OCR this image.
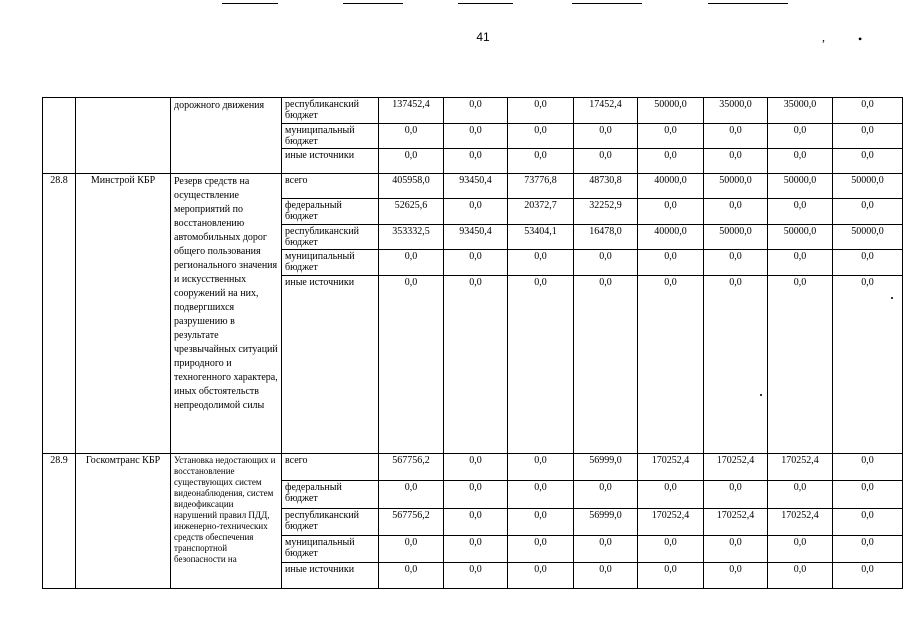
41	,	•
		дорожного движения	республиканский бюджет	137452,4	0,0	0,0	17452,4	50000,0	35000,0	35000,0	0,0
			муниципальный бюджет	0,0	0,0	0,0	0,0	0,0	0,0	0,0	0,0
			иные источники	0,0	0,0	0,0	0,0	0,0	0,0	0,0	0,0
28.8	Минстрой КБР	Резерв средств на осуществление мероприятий по восстановлению автомобильных дорог общего пользования регионального значения и искусственных сооружений на них, подвергшихся разрушению в результате чрезвычайных ситуаций природного и техногенного характера, иных обстоятельств непреодолимой силы	всего	405958,0	93450,4	73776,8	48730,8	40000,0	50000,0	50000,0	50000,0
			федеральный бюджет	52625,6	0,0	20372,7	32252,9	0,0	0,0	0,0	0,0
			республиканский бюджет	353332,5	93450,4	53404,1	16478,0	40000,0	50000,0	50000,0	50000,0
			муниципальный бюджет	0,0	0,0	0,0	0,0	0,0	0,0	0,0	0,0
			иные источники	0,0	0,0	0,0	0,0	0,0	0,0	0,0	0,0
28.9	Госкомтранс КБР	Установка недостающих и восстановление существующих систем видеонаблюдения, систем видеофиксации нарушений правил ПДД, инженерно-технических средств обеспечения транспортной безопасности на	всего	567756,2	0,0	0,0	56999,0	170252,4	170252,4	170252,4	0,0
			федеральный бюджет	0,0	0,0	0,0	0,0	0,0	0,0	0,0	0,0
			республиканский бюджет	567756,2	0,0	0,0	56999,0	170252,4	170252,4	170252,4	0,0
			муниципальный бюджет	0,0	0,0	0,0	0,0	0,0	0,0	0,0	0,0
			иные источники	0,0	0,0	0,0	0,0	0,0	0,0	0,0	0,0
